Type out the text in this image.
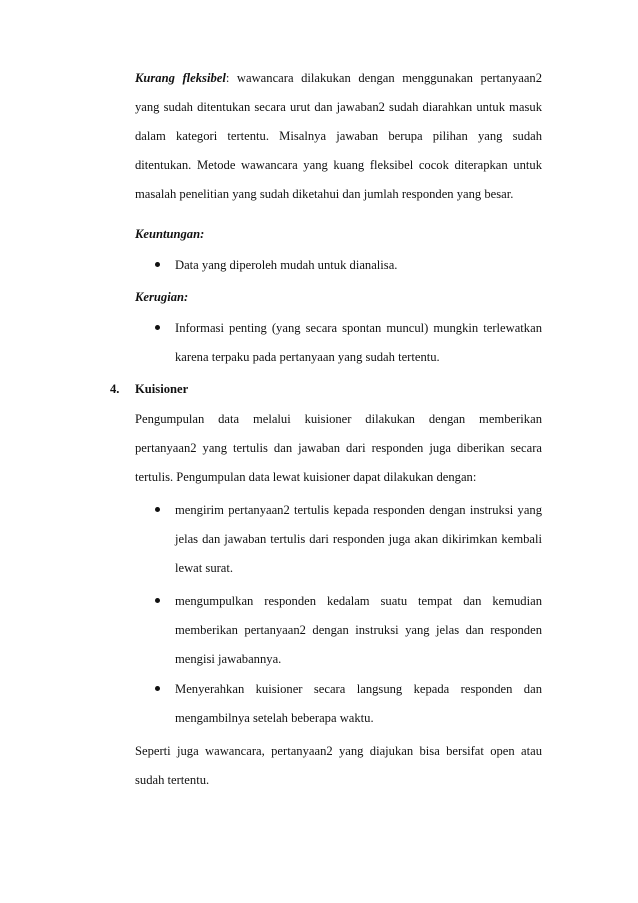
Kurang fleksibel: wawancara dilakukan dengan menggunakan pertanyaan2 yang sudah ditentukan secara urut dan jawaban2 sudah diarahkan untuk masuk dalam kategori tertentu. Misalnya jawaban berupa pilihan yang sudah ditentukan. Metode wawancara yang kuang fleksibel cocok diterapkan untuk masalah penelitian yang sudah diketahui dan jumlah responden yang besar.

Keuntungan:
Data yang diperoleh mudah untuk dianalisa.
Kerugian:
Informasi penting (yang secara spontan muncul) mungkin terlewatkan karena terpaku pada pertanyaan yang sudah tertentu.
4. Kuisioner

Pengumpulan data melalui kuisioner dilakukan dengan memberikan pertanyaan2 yang tertulis dan jawaban dari responden juga diberikan secara tertulis. Pengumpulan data lewat kuisioner dapat dilakukan dengan:

mengirim pertanyaan2 tertulis kepada responden dengan instruksi yang jelas dan jawaban tertulis dari responden juga akan dikirimkan kembali lewat surat.
mengumpulkan responden kedalam suatu tempat dan kemudian memberikan pertanyaan2 dengan instruksi yang jelas dan responden mengisi jawabannya.
Menyerahkan kuisioner secara langsung kepada responden dan mengambilnya setelah beberapa waktu.

Seperti juga wawancara, pertanyaan2 yang diajukan bisa bersifat open atau sudah tertentu.
